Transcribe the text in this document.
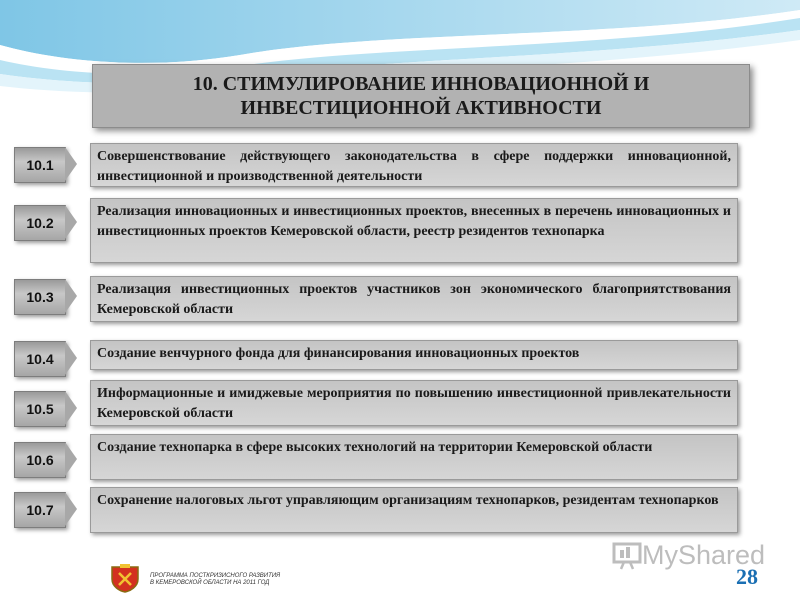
10. СТИМУЛИРОВАНИЕ ИННОВАЦИОННОЙ И
ИНВЕСТИЦИОННОЙ АКТИВНОСТИ
10.1
Совершенствование действующего законодательства в сфере поддержки инновационной, инвестиционной и производственной деятельности
10.2
Реализация инновационных и инвестиционных проектов, внесенных в перечень инновационных и инвестиционных проектов Кемеровской области, реестр резидентов технопарка
10.3	Реализация инвестиционных проектов участников зон экономического благоприятствования Кемеровской области
10.4	Создание венчурного фонда для финансирования инновационных проектов
10.5
Информационные и имиджевые мероприятия по повышению инвестиционной привлекательности Кемеровской области
10.6
Создание технопарка в сфере высоких технологий на территории Кемеровской области
10.7
Сохранение налоговых льгот управляющим организациям технопарков, резидентам технопарков
ПРОГРАММА ПОСТКРИЗИСНОГО РАЗВИТИЯ
В КЕМЕРОВСКОЙ ОБЛАСТИ НА 2011 ГОД
MyShared
28
